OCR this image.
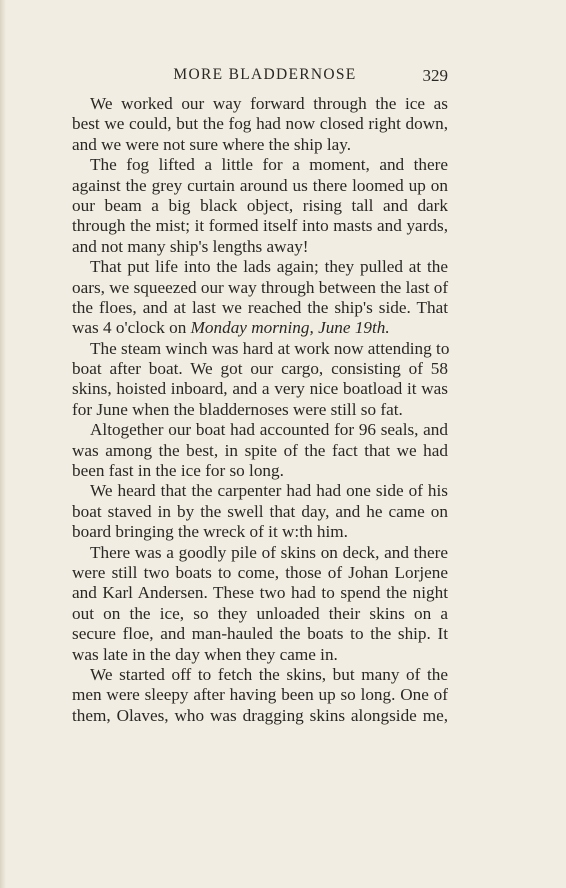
MORE BLADDERNOSE	329

We worked our way forward through the ice as
best we could, but the fog had now closed right down,
and we were not sure where the ship lay.

The fog lifted a little for a moment, and there
against the grey curtain around us there loomed up on
our beam a big black object, rising tall and dark
through the mist; it formed itself into masts and yards,
and not many ship's lengths away!

That put life into the lads again; they pulled at the
oars, we squeezed our way through between the last of
the floes, and at last we reached the ship's side. That
was 4 o'clock on Monday morning, June 19th.

The steam winch was hard at work now attending to
boat after boat. We got our cargo, consisting of 58
skins, hoisted inboard, and a very nice boatload it was
for June when the bladdernoses were still so fat.

Altogether our boat had accounted for 96 seals, and
was among the best, in spite of the fact that we had
been fast in the ice for so long.

We heard that the carpenter had had one side of his
boat staved in by the swell that day, and he came on
board bringing the wreck of it w:th him.

There was a goodly pile of skins on deck, and there
were still two boats to come, those of Johan Lorjene
and Karl Andersen. These two had to spend the night
out on the ice, so they unloaded their skins on a
secure floe, and man-hauled the boats to the ship. It
was late in the day when they came in.

We started off to fetch the skins, but many of the
men were sleepy after having been up so long. One of
them, Olaves, who was dragging skins alongside me,
